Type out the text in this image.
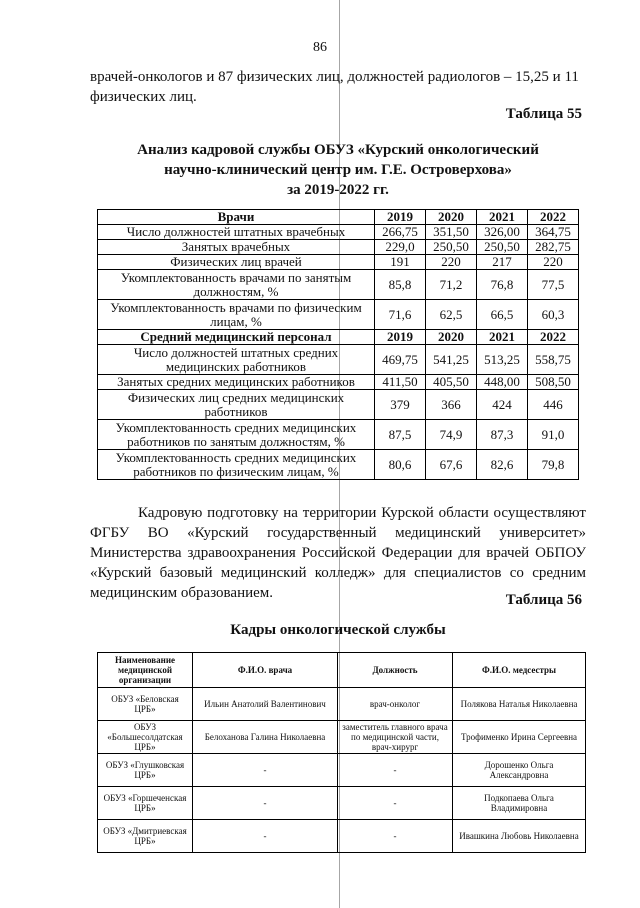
86

врачей-онкологов и 87 физических лиц, должностей радиологов – 15,25 и 11 физических лиц.

Таблица 55
Анализ кадровой службы ОБУЗ «Курский онкологический
научно-клинический центр им. Г.Е. Островерхова»
за 2019-2022 гг.
Врачи	2019	2020	2021	2022
Число должностей штатных врачебных	266,75	351,50	326,00	364,75
Занятых врачебных	229,0	250,50	250,50	282,75
Физических лиц врачей	191	220	217	220
Укомплектованность врачами по занятым должностям, %	85,8	71,2	76,8	77,5
Укомплектованность врачами по физическим лицам, %	71,6	62,5	66,5	60,3
Средний медицинский персонал	2019	2020	2021	2022
Число должностей штатных средних медицинских работников	469,75	541,25	513,25	558,75
Занятых средних медицинских работников	411,50	405,50	448,00	508,50
Физических лиц средних медицинских работников	379	366	424	446
Укомплектованность средних медицинских работников по занятым должностям, %	87,5	74,9	87,3	91,0
Укомплектованность средних медицинских работников по физическим лицам, %	80,6	67,6	82,6	79,8

Кадровую подготовку на территории Курской области осуществляют ФГБУ ВО «Курский государственный медицинский университет» Министерства здравоохранения Российской Федерации для врачей ОБПОУ «Курский базовый медицинский колледж» для специалистов со средним медицинским образованием.	Таблица 56
Кадры онкологической службы
Наименование медицинской организации	Ф.И.О. врача	Должность	Ф.И.О. медсестры
ОБУЗ «Беловская ЦРБ»	Ильин Анатолий Валентинович	врач-онколог	Полякова Наталья Николаевна
ОБУЗ «Большесолдатская ЦРБ»	Белоханова Галина Николаевна	заместитель главного врача по медицинской части, врач-хирург	Трофименко Ирина Сергеевна
ОБУЗ «Глушковская ЦРБ»	-	-	Дорошенко Ольга Александровна
ОБУЗ «Горшеченская ЦРБ»	-	-	Подкопаева Ольга Владимировна
ОБУЗ «Дмитриевская ЦРБ»	-	-	Ивашкина Любовь Николаевна
